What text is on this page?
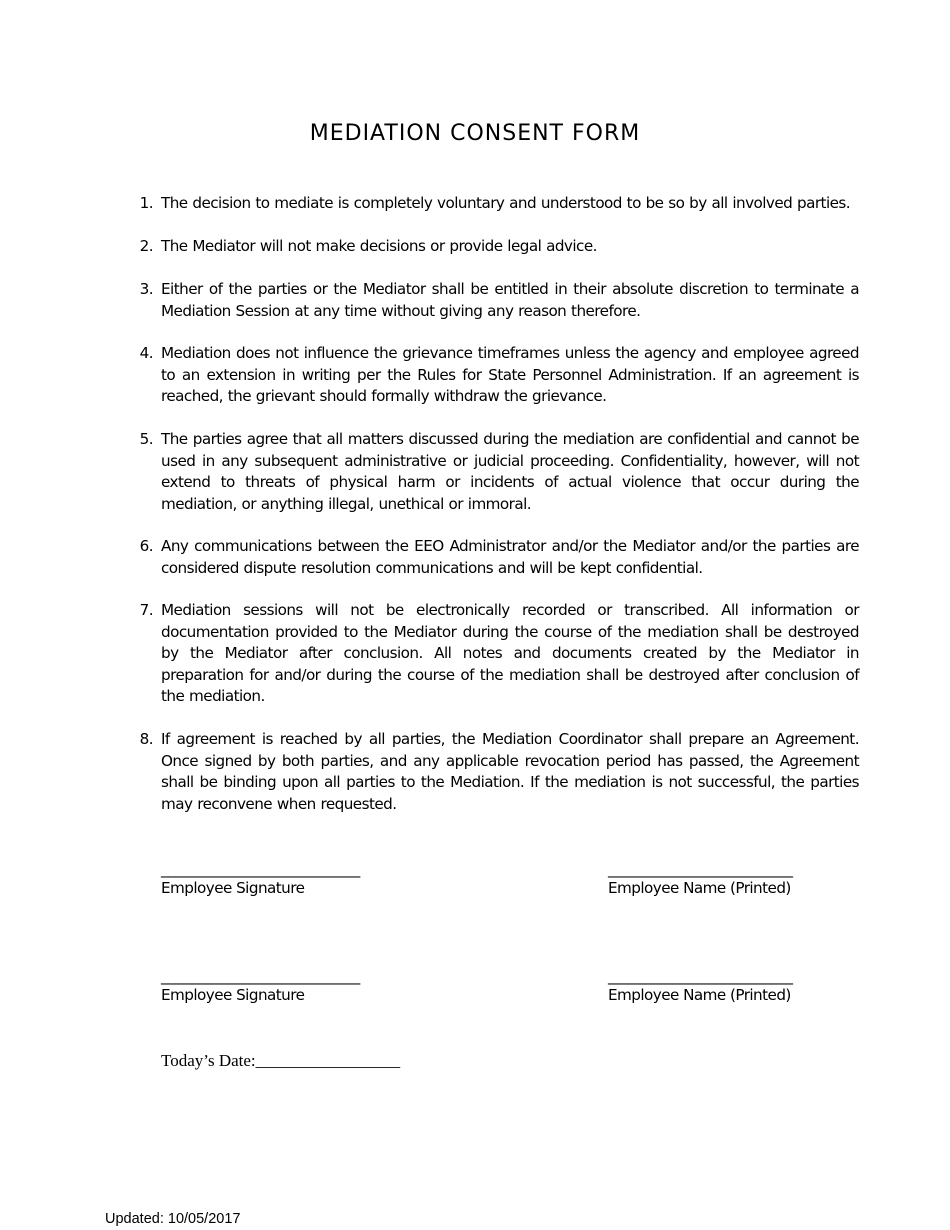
MEDIATION CONSENT FORM
1. The decision to mediate is completely voluntary and understood to be so by all involved parties.
2. The Mediator will not make decisions or provide legal advice.
3. Either of the parties or the Mediator shall be entitled in their absolute discretion to terminate a Mediation Session at any time without giving any reason therefore.
4. Mediation does not influence the grievance timeframes unless the agency and employee agreed to an extension in writing per the Rules for State Personnel Administration. If an agreement is reached, the grievant should formally withdraw the grievance.
5. The parties agree that all matters discussed during the mediation are confidential and cannot be used in any subsequent administrative or judicial proceeding. Confidentiality, however, will not extend to threats of physical harm or incidents of actual violence that occur during the mediation, or anything illegal, unethical or immoral.
6. Any communications between the EEO Administrator and/or the Mediator and/or the parties are considered dispute resolution communications and will be kept confidential.
7. Mediation sessions will not be electronically recorded or transcribed. All information or documentation provided to the Mediator during the course of the mediation shall be destroyed by the Mediator after conclusion. All notes and documents created by the Mediator in preparation for and/or during the course of the mediation shall be destroyed after conclusion of the mediation.
8. If agreement is reached by all parties, the Mediation Coordinator shall prepare an Agreement. Once signed by both parties, and any applicable revocation period has passed, the Agreement shall be binding upon all parties to the Mediation. If the mediation is not successful, the parties may reconvene when requested.
____________________________
Employee Signature
__________________________
Employee Name (Printed)
____________________________
Employee Signature
__________________________
Employee Name (Printed)
Today’s Date:_________________
Updated: 10/05/2017
